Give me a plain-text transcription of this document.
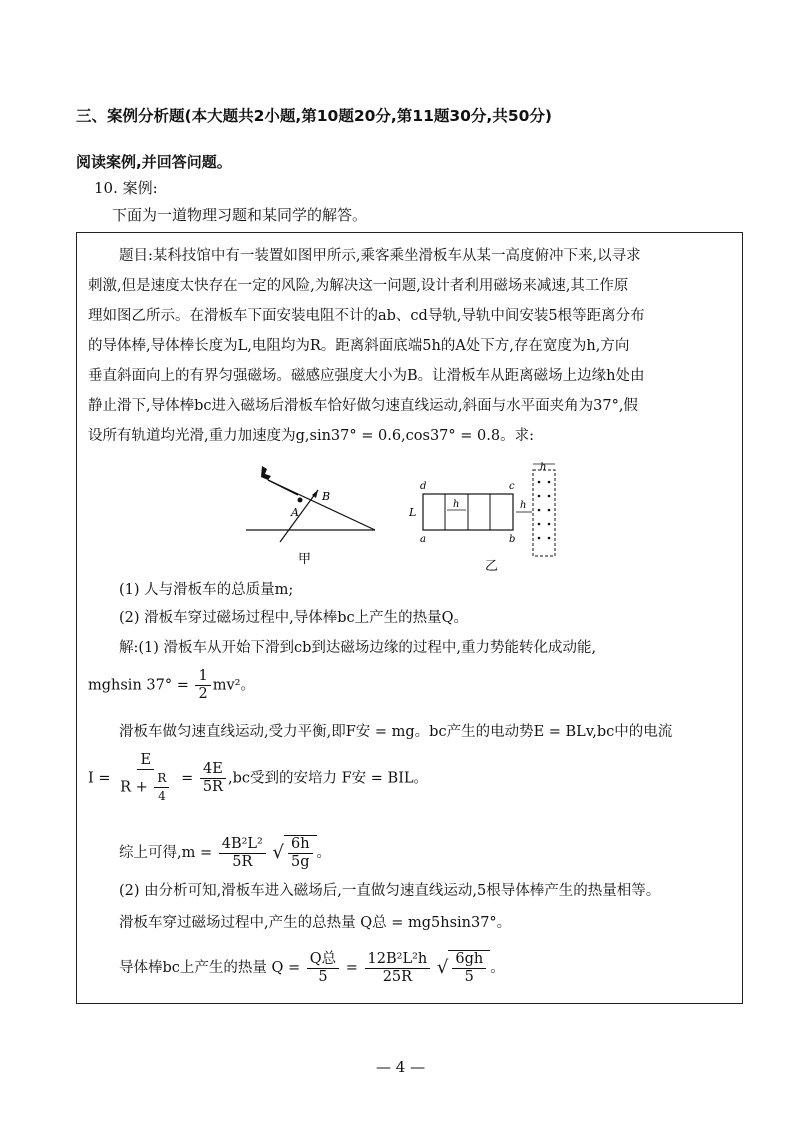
三、案例分析题(本大题共2小题,第10题20分,第11题30分,共50分)
阅读案例,并回答问题。
10. 案例:
下面为一道物理习题和某同学的解答。
题目:某科技馆中有一装置如图甲所示,乘客乘坐滑板车从某一高度俯冲下来,以寻求
刺激,但是速度太快存在一定的风险,为解决这一问题,设计者利用磁场来减速,其工作原
理如图乙所示。在滑板车下面安装电阻不计的ab、cd导轨,导轨中间安装5根等距离分布
的导体棒,导体棒长度为L,电阻均为R。距离斜面底端5h的A处下方,存在宽度为h,方向
垂直斜面向上的有界匀强磁场。磁感应强度大小为B。让滑板车从距离磁场上边缘h处由
静止滑下,导体棒bc进入磁场后滑板车恰好做匀速直线运动,斜面与水平面夹角为37°,假
设所有轨道均光滑,重力加速度为g,sin37° = 0.6,cos37° = 0.8。求:
A
B
甲
h
d	c
a	b
L
h	h
乙
(1) 人与滑板车的总质量m;
(2) 滑板车穿过磁场过程中,导体棒bc上产生的热量Q。
解:(1) 滑板车从开始下滑到cb到达磁场边缘的过程中,重力势能转化成动能,
mghsin $37^\circ = \frac{1}{2} mv^2$。
滑板车做匀速直线运动,受力平衡,即F安 = mg。bc产生的电动势E = BLv,bc中的电流
$I = \frac{E}{R + \frac{R}{4}} = \frac{4E}{5R} ,bc$受到的安培力 F安 = BIL。
综上可得$,m = \frac{\text{4B²L²}}{5R}$ √ $\frac{6h}{5g}$ 。
(2) 由分析可知,滑板车进入磁场后,一直做匀速直线运动,5根导体棒产生的热量相等。
滑板车穿过磁场过程中,产生的总热量 Q总 = mg5hsin37°。
导体棒bc上产生的热量 $Q = \frac{\text{Q总}}{5} = \frac{\text{12B²L²h}}{25R}$ √ $\frac{6gh}{5}$ 。
— 4 —
